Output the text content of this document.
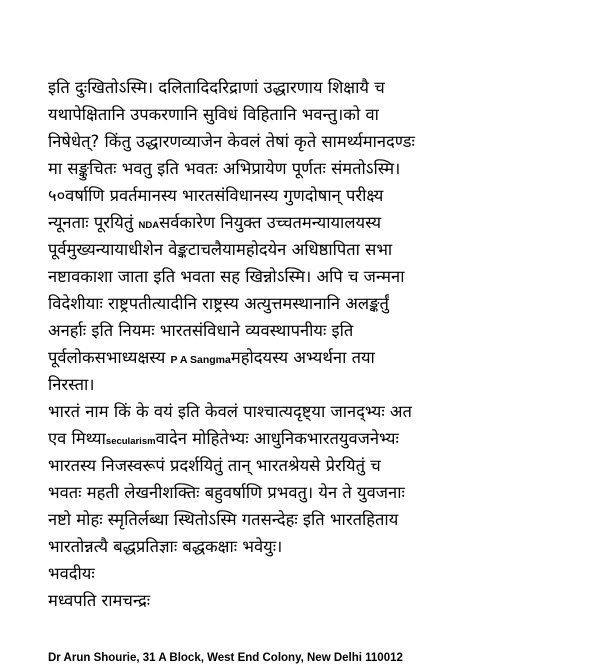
इति दुःखितोऽस्मि। दलितादिदरिद्राणां उद्धारणाय शिक्षायै च
यथापेक्षितानि उपकरणानि सुविधं विहितानि भवन्तु।को वा
निषेधेत्? किंतु उद्धारणव्याजेन केवलं तेषां कृते सामर्थ्यमानदण्डः
मा सङ्कुचितः भवतु इति भवतः अभिप्रायेण पूर्णतः संमतोऽस्मि।
५०वर्षाणि प्रवर्तमानस्य भारतसंविधानस्य गुणदोषान् परीक्ष्य
न्यूनताः पूरयितुं NDAसर्वकारेण नियुक्त उच्चतमन्यायालयस्य
पूर्वमुख्यन्यायाधीशेन वेङ्कटाचलैयामहोदयेन अधिष्ठापिता सभा
नष्टावकाशा जाता इति भवता सह खिन्नोऽस्मि। अपि च जन्मना
विदेशीयाः राष्ट्रपतीत्यादीनि राष्ट्रस्य अत्युत्तमस्थानानि अलङ्कर्तुं
अनर्हाः इति नियमः भारतसंविधाने व्यवस्थापनीयः इति
पूर्वलोकसभाध्यक्षस्य P A Sangmaमहोदयस्य अभ्यर्थना तया
निरस्ता।
भारतं नाम किं के वयं इति केवलं पाश्चात्यदृष्ट्या जानद्भ्यः अत
एव मिथ्याsecularismवादेन मोहितेभ्यः आधुनिकभारतयुवजनेभ्यः
भारतस्य निजस्वरूपं प्रदर्शयितुं तान् भारतश्रेयसे प्रेरयितुं च
भवतः महती लेखनीशक्तिः बहुवर्षाणि प्रभवतु। येन ते युवजनाः
नष्टो मोहः स्मृतिर्लब्धा स्थितोऽस्मि गतसन्देहः इति भारतहिताय
भारतोन्नत्यै बद्धप्रतिज्ञाः बद्धकक्षाः भवेयुः।
भवदीयः
मध्वपति रामचन्द्रः
Dr Arun Shourie, 31 A Block, West End Colony, New Delhi 110012
